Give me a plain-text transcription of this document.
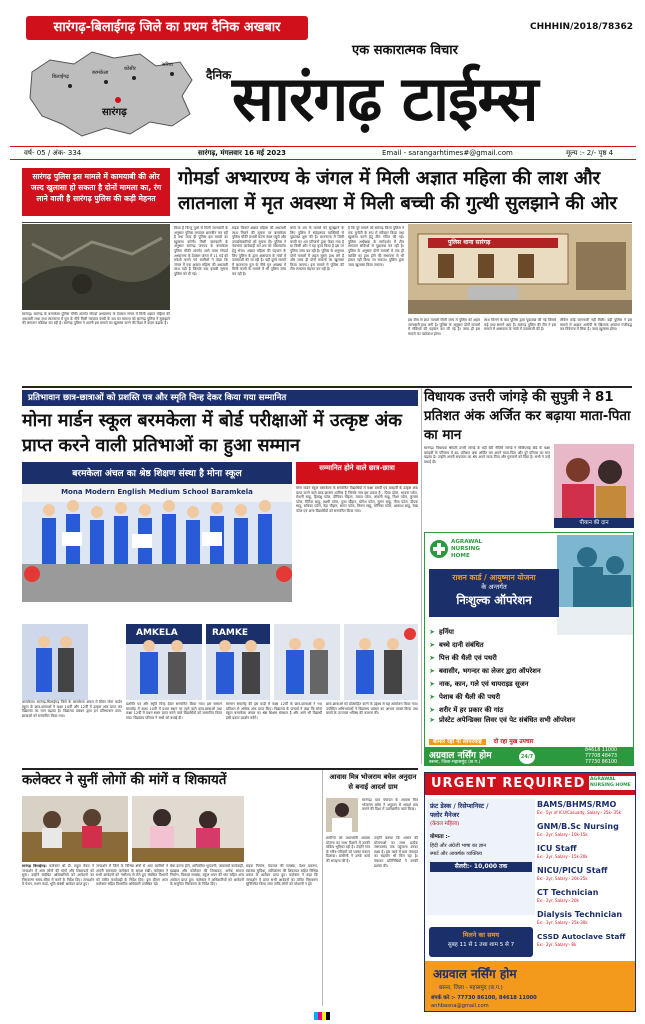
सारंगढ़-बिलाईगढ़ जिले का प्रथम दैनिक अखबार	CHHHIN/2018/78362
बिलाईगढ़
बरमकेला
कोसीर
सरिया
सारंगढ़
एक सकारात्मक विचार
दैनिक सारंगढ़ टाईम्स
वर्ष- 05 / अंक- 334	सारंगढ़, मंगलवार 16 मई 2023	Email - sarangarhtimes#@gmail.com	मूल्य :- 2/- पृष्ठ 4
सारंगढ़ पुलिस इस मामले में कामयाबी की ओर जल्द खुलासा हो सकता है दोनों मामला का, रंग लाने वाली है सारंगढ़ पुलिस की कड़ी मेहनत
गोमर्डा अभ्यारण्य के जंगल में मिली अज्ञात महिला की लाश और लातनाला में मृत अवस्था में मिली बच्ची की गुत्थी सुलझाने की ओर
सारंगढ़। सारंगढ़ के बरमकेला पुलिस चौकी अंतर्गत गोमर्डा अभ्यारण्य के देवसरा जंगल में मिली अज्ञात महिला की अधजली लाश तथा लातनाला में पुल के नीचे मिली नवजात बच्ची के शव का मामला को सारंगढ़ पुलिस ने सुलझाने की लगातार कोशिश कर रही है। सारंगढ़ पुलिस ने अपनी इस मामले का खुलासा करने की दिशा में कदम बढ़ाया है।
किया है किन्तु पुलो से मिली जानकारी के अनुसार पुलिस लगातार छानबीन कर रही है तथा जल्द ही पुलिस इस मामले का खुलासा करेगी। मिली जानकारी के अनुसार सारंगढ़ जनपद के बरमकेला पुलिस चौकी अंतर्गत आने वाला गोमर्डा अभ्यारण्य के देवसरा जंगल में 11 मई को मवेशी चराने गये ग्रामीणों ने देखा कि जंगल में एक अज्ञात महिला की अधजली लाश पड़ी है जिसके बाद इसकी सूचना पुलिस को दी गई।
सड़क किनारे अज्ञात महिला की अधजली लाश मिलने की सूचना पर बरमकेला पुलिस चौकी प्रभारी घटना स्थल पहुंचे और उच्चाधिकारियों को सूचना दी। पुलिस ने पंचनामा कार्यवाही कर शव को पोस्टमार्टम हेतु भेजा। अज्ञात महिला की पहचान के लिए पुलिस के द्वारा आसपास के गांवों में पतासाजी की जा रही है। वहीं दूसरे मामले में लातनाला पुल के नीचे मृत अवस्था में मिली बच्ची के मामले में भी पुलिस जांच कर रही है।
बच्चे के शव के मामले को सुलझाने के लिए पुलिस ने संदेहास्पद व्यक्तियों से पूछताछ शुरू की है। लातनाला में मिली बच्ची का शव परिजनों द्वारा फेंका गया है या किसी और ने यह कृत्य किया है इस पर पुलिस जांच कर रही है। पुलिस के अनुसार दोनों मामलों में अहम सुराग हाथ लगे हैं और जल्द ही दोनों मामलों का खुलासा किया जाएगा। इस मामले में पुलिस की टीम लगातार मेहनत कर रही है।
है कि पूरे मामले को सारंगढ़ जिला पुलिस ने एक चुनौती के रूप में स्वीकार किया तथा खुलासा करने हेतु टीम गठित की गई। पुलिस अधीक्षक के मार्गदर्शन में टीम लगातार संदिग्धों से पूछताछ कर रही है। पुलिस के अनुसार दोनों मामलों में एक ही व्यक्ति का हाथ होने की संभावना से भी इंकार नहीं किया जा सकता। पुलिस द्वारा जल्द खुलासा किया जाएगा।
पुलिस थाना सारंगढ़
इस बीच से ज्ञात मामलों मिली जांच में पुलिस को अहम जानकारी हाथ लगी है। पुलिस के अनुसार दोनों मामलों में संदिग्धों की पहचान कर ली गई है। जल्द ही इस मामले का पर्दाफाश होगा।
लाश मिलने के बाद पुलिस द्वारा पूछताछ की गई जिसमें कई तथ्य सामने आए हैं। सारंगढ़ पुलिस की टीम ने इस मामले में आसपास के गांवों में पतासाजी की है।
लेकिन कोई जानकारी नहीं मिली। वहीं पुलिस ने इस मामले में अज्ञात आरोपी के खिलाफ अपराध पंजीबद्ध कर विवेचना में लिया है। जल्द खुलासा होगा।
प्रतिभावान छात्र-छात्राओं को प्रशस्ति पत्र और स्मृति चिन्ह देकर किया गया सम्मानित
मोना मार्डन स्कूल बरमकेला में बोर्ड परीक्षाओं में उत्कृष्ट अंक प्राप्त करने वाली प्रतिभाओं का हुआ सम्मान
बरमकेला अंचल का श्रेष्ठ शिक्षण संस्था है मोना स्कूल
Mona Modern English Medium School Baramkela
सम्मानित होने वाले छात्र-छात्रा
मोना मार्डन स्कूल बरमकेला के सम्मानित विद्यार्थियों में कक्षा दसवीं एवं बारहवीं के उत्कृष्ट अंक प्राप्त करने वाले छात्र-छात्राएं शामिल हैं जिनके नाम इस प्रकार हैं - प्रिया पटेल, भावना पटेल, रोशनी साहू, हिमांशु पटेल, दीपिका चौहान, ममता पटेल, अंजली साहू, निशा पटेल, कुनाल पटेल, रितिक साहू, लक्ष्मी पटेल, पूजा चौहान, योगेश पटेल, सुमन साहू, गीता पटेल, दीपक साहू, राधिका पटेल, नेहा चौहान, सागर पटेल, किरण साहू, मोनिका पटेल, आकाश साहू, रेखा पटेल एवं अन्य विद्यार्थियों को सम्मानित किया गया।
AMKELA	RAMKE
बरमकेला। सारंगढ़-बिलाईगढ़ जिले के बरमकेला अंचल में स्थित मोना मार्डन स्कूल के छात्र-छात्राओं ने कक्षा 10वीं और 12वीं में उत्कृष्ट अंक प्राप्त कर विद्यालय का मान बढ़ाया है। विद्यालय प्रबंधन द्वारा इन प्रतिभावान छात्र-छात्राओं को सम्मानित किया गया।
प्रशस्ति पत्र और स्मृति चिन्ह देकर सम्मानित किया गया। इस सम्मान समारोह में कक्षा 10वीं में प्रथम स्थान पर रहने वाले छात्र-छात्राओं तथा कक्षा 12वीं में प्रथम स्थान प्राप्त करने वाले विद्यार्थियों को सम्मानित किया गया। विद्यालय परिवार ने सभी को बधाई दी।
सम्मान समारोह की इस कड़ी में कक्षा 12वीं के छात्र-छात्राओं ने 90 प्रतिशत से अधिक अंक प्राप्त किए। विद्यालय के प्राचार्य ने कहा कि मोना स्कूल बरमकेला अंचल का श्रेष्ठ शिक्षण संस्थान है और आगे भी विद्यार्थी इसी प्रकार प्रदर्शन करेंगे।
छात्र-छात्राओं को प्रोत्साहित करने के उद्देश्य से यह आयोजन किया गया। उपस्थित अभिभावकों ने विद्यालय प्रबंधन का आभार व्यक्त किया तथा बच्चों के उज्ज्वल भविष्य की कामना की।
विधायक उत्तरी जांगड़े की सुपुत्री ने 81 प्रतिशत अंक अर्जित कर बढ़ाया माता-पिता का मान
सारंगढ़। विधायक श्रीमती उत्तरी जांगड़े के बड़ी बेटी नीतिमें जांगड़े ने सीबीएसई बोर्ड के कक्षा बारहवीं के परिणाम में 81 प्रतिशत अंक अर्जित कर अपने माता-पिता और पूरे परिवार का मान बढ़ाया है। उन्होंने अपनी सफलता का श्रेय अपने माता-पिता और गुरुजनों को दिया है। सभी ने उन्हें बधाई दी।
पीयान की दान
AGRAWAL NURSING HOME
राशन कार्ड / आयुष्मान योजना
के अन्तर्गत
निःशुल्क ऑपरेशन
➤ हर्निया
➤ बच्चे दानी संबंधित
➤ पित्त की थैली एवं पथरी
➤ बवासीर, भगन्दर का लेजर द्वारा ऑपरेशन
➤ नाक, कान, गले एवं थायराइड सूजन
➤ पेशाब की थैली की पथरी
➤ शरीर में हर प्रकार की गांठ
➤ प्रोस्टेट अपेन्डिक्स लिवर एवं पेट संबंधित सभी ऑपरेशन
बीमार रहो ना लापरवाह दो रहा मुख उपचार
अग्रवाल नर्सिंग होम
बसना, जिला-महासमुंद (छ.ग.)
24/7
84618 11000
77708 48473
77730 86100
कलेक्टर ने सुनीं लोगों की मांगें व शिकायतें
सारंगढ़ बिलाईगढ़। कलेक्टर श्री डी. राहुल वेंकट ने जनदर्शन में आम लोगों की मांगों और शिकायतों को सुना। उन्होंने संबंधित अधिकारियों को आवेदनों का निराकरण समय-सीमा में करने के निर्देश दिए। जनदर्शन में पेंशन, राशन कार्ड, भूमि संबंधी आवेदन प्राप्त हुए।
जनदर्शन में जिले के विभिन्न क्षेत्रों से आए ग्रामीणों ने अपनी समस्याएं कलेक्टर के समक्ष रखीं। कलेक्टर ने सभी आवेदनों को गंभीरता से लेते हुए संबंधित विभागों को त्वरित कार्यवाही के निर्देश दिए। इस दौरान अपर कलेक्टर सहित विभागीय अधिकारी उपस्थित रहे।
बेचा करना होगे, अनियमित भुगतानी, जमावकों कार्यवाही, खाद्यान्न और फोटोकर की शिकायत, अनेक समाज निर्माण, विकास समस्या, स्कूल भवन की मांग सहित अन्य आवेदन प्राप्त हुए। कलेक्टर ने अधिकारियों को आवेदनों के समुचित निराकरण के निर्देश दिए।
सड़क निर्माण, पेयजल की समस्या, पेंशन प्रकरण, स्वास्थ्य सुविधा, अतिक्रमण की शिकायत सहित विभिन्न प्रकार के आवेदन प्राप्त हुए। कलेक्टर ने कहा कि जनदर्शन में प्राप्त सभी आवेदनों का त्वरित निराकरण सुनिश्चित किया जाए ताकि लोगों को परेशानी न हो।
आवास मित्र भोजराम बघेल अनुदान से बनाई आदर्श ग्राम
सारंगढ़। ग्राम पंचायत के आवास मित्र भोजराम बघेल ने अनुदान से आदर्श ग्राम बनाने की दिशा में उल्लेखनीय कार्य किया।
ग्रामीणों को प्रधानमंत्री आवास योजना का लाभ दिलाने में उनकी सक्रिय भूमिका रही है। उन्होंने गांव के गरीब परिवारों को पक्का मकान दिलाया। ग्रामीणों ने उनके कार्य की सराहना की है।
उन्होंने बताया कि शासन की योजनाओं का लाभ प्रत्येक जरूरतमंद तक पहुंचाना उनका लक्ष्य है। इस कार्य में ग्राम पंचायत का सहयोग भी मिल रहा है। पंचायत प्रतिनिधियों ने उनकी प्रशंसा की।
URGENT REQUIRED AGRAWAL NURSING HOME
फ्रंट डेस्क / रिसेप्शनिस्ट /
फ्लोर मैनेजर
(केवल महिला)
योग्यता :-
हिंदी और अंग्रेजी भाषा का ज्ञान
स्मार्ट और आकर्षक व्यक्तित्व
सैलरी:- 10,000 तक
मिलने का समय
सुबह 11 से 1 तथा शाम 5 से 7
BAMS/BHMS/RMO
Ex:- 5yr of ICU/Casualty, Salary:- 25k- 35k
GNM/B.Sc Nursing
Ex:- 2yr, Salary:- 10k-15k
ICU Staff
Ex:- 2yr, Salary:- 15k-20k
NICU/PICU Staff
Ex:- 2yr, Salary:- 20k-25k
CT Technician
Ex:- 2yr, Salary:- 20k
Dialysis Technician
Ex:- 3yr, Salary:- 25k-30k
CSSD Autoclave Staff
Ex:- 2yr, Salary:- 8k
अग्रवाल नर्सिंग होम
बसना, जिला - महासमुंद (छ.ग.)
संपर्क करे :- 77730 86100, 84618 11000
anhbasna@gmail.com
